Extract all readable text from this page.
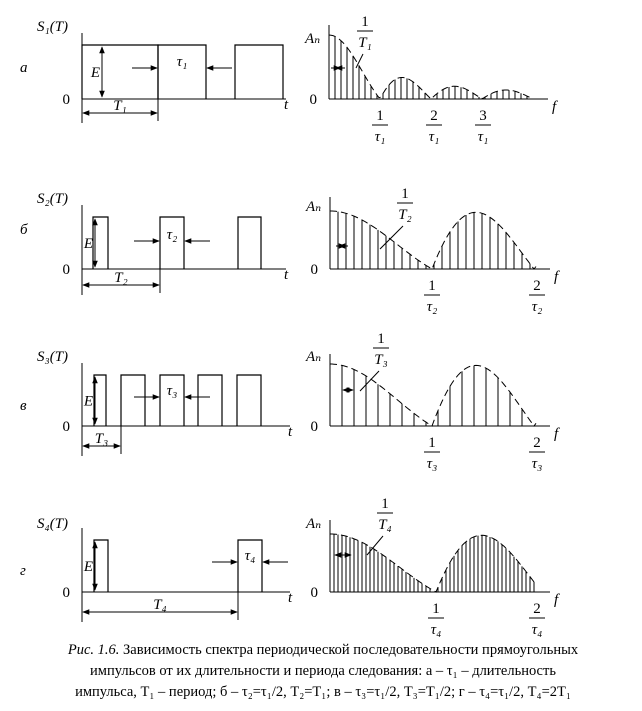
а
S₁(T)
0	t
E
τ₁
T₁
Aₙ
0	f
1
T₁
1
τ₁
2
τ₁
3
τ₁
б
S₂(T)
0	t
E
τ₂
T₂
Aₙ
0	f
1
T₂
1
τ₂
2
τ₂
в
S₃(T)
0	t
E
τ₃
T₃
Aₙ
0	f
1
T₃
1
τ₃
2
τ₃
г
S₄(T)
0	t
E
τ₄
T₄
Aₙ
0	f
1
T₄
1
τ₄
2
τ₄
Рис. 1.6. Зависимость спектра периодической последовательности прямоугольных
импульсов от их длительности и периода следования: а – τ₁ – длительность
импульса, T₁ – период; б – τ₂=τ₁/2, T₂=T₁; в – τ₃=τ₁/2, T₃=T₁/2; г – τ₄=τ₁/2, T₄=2T₁
